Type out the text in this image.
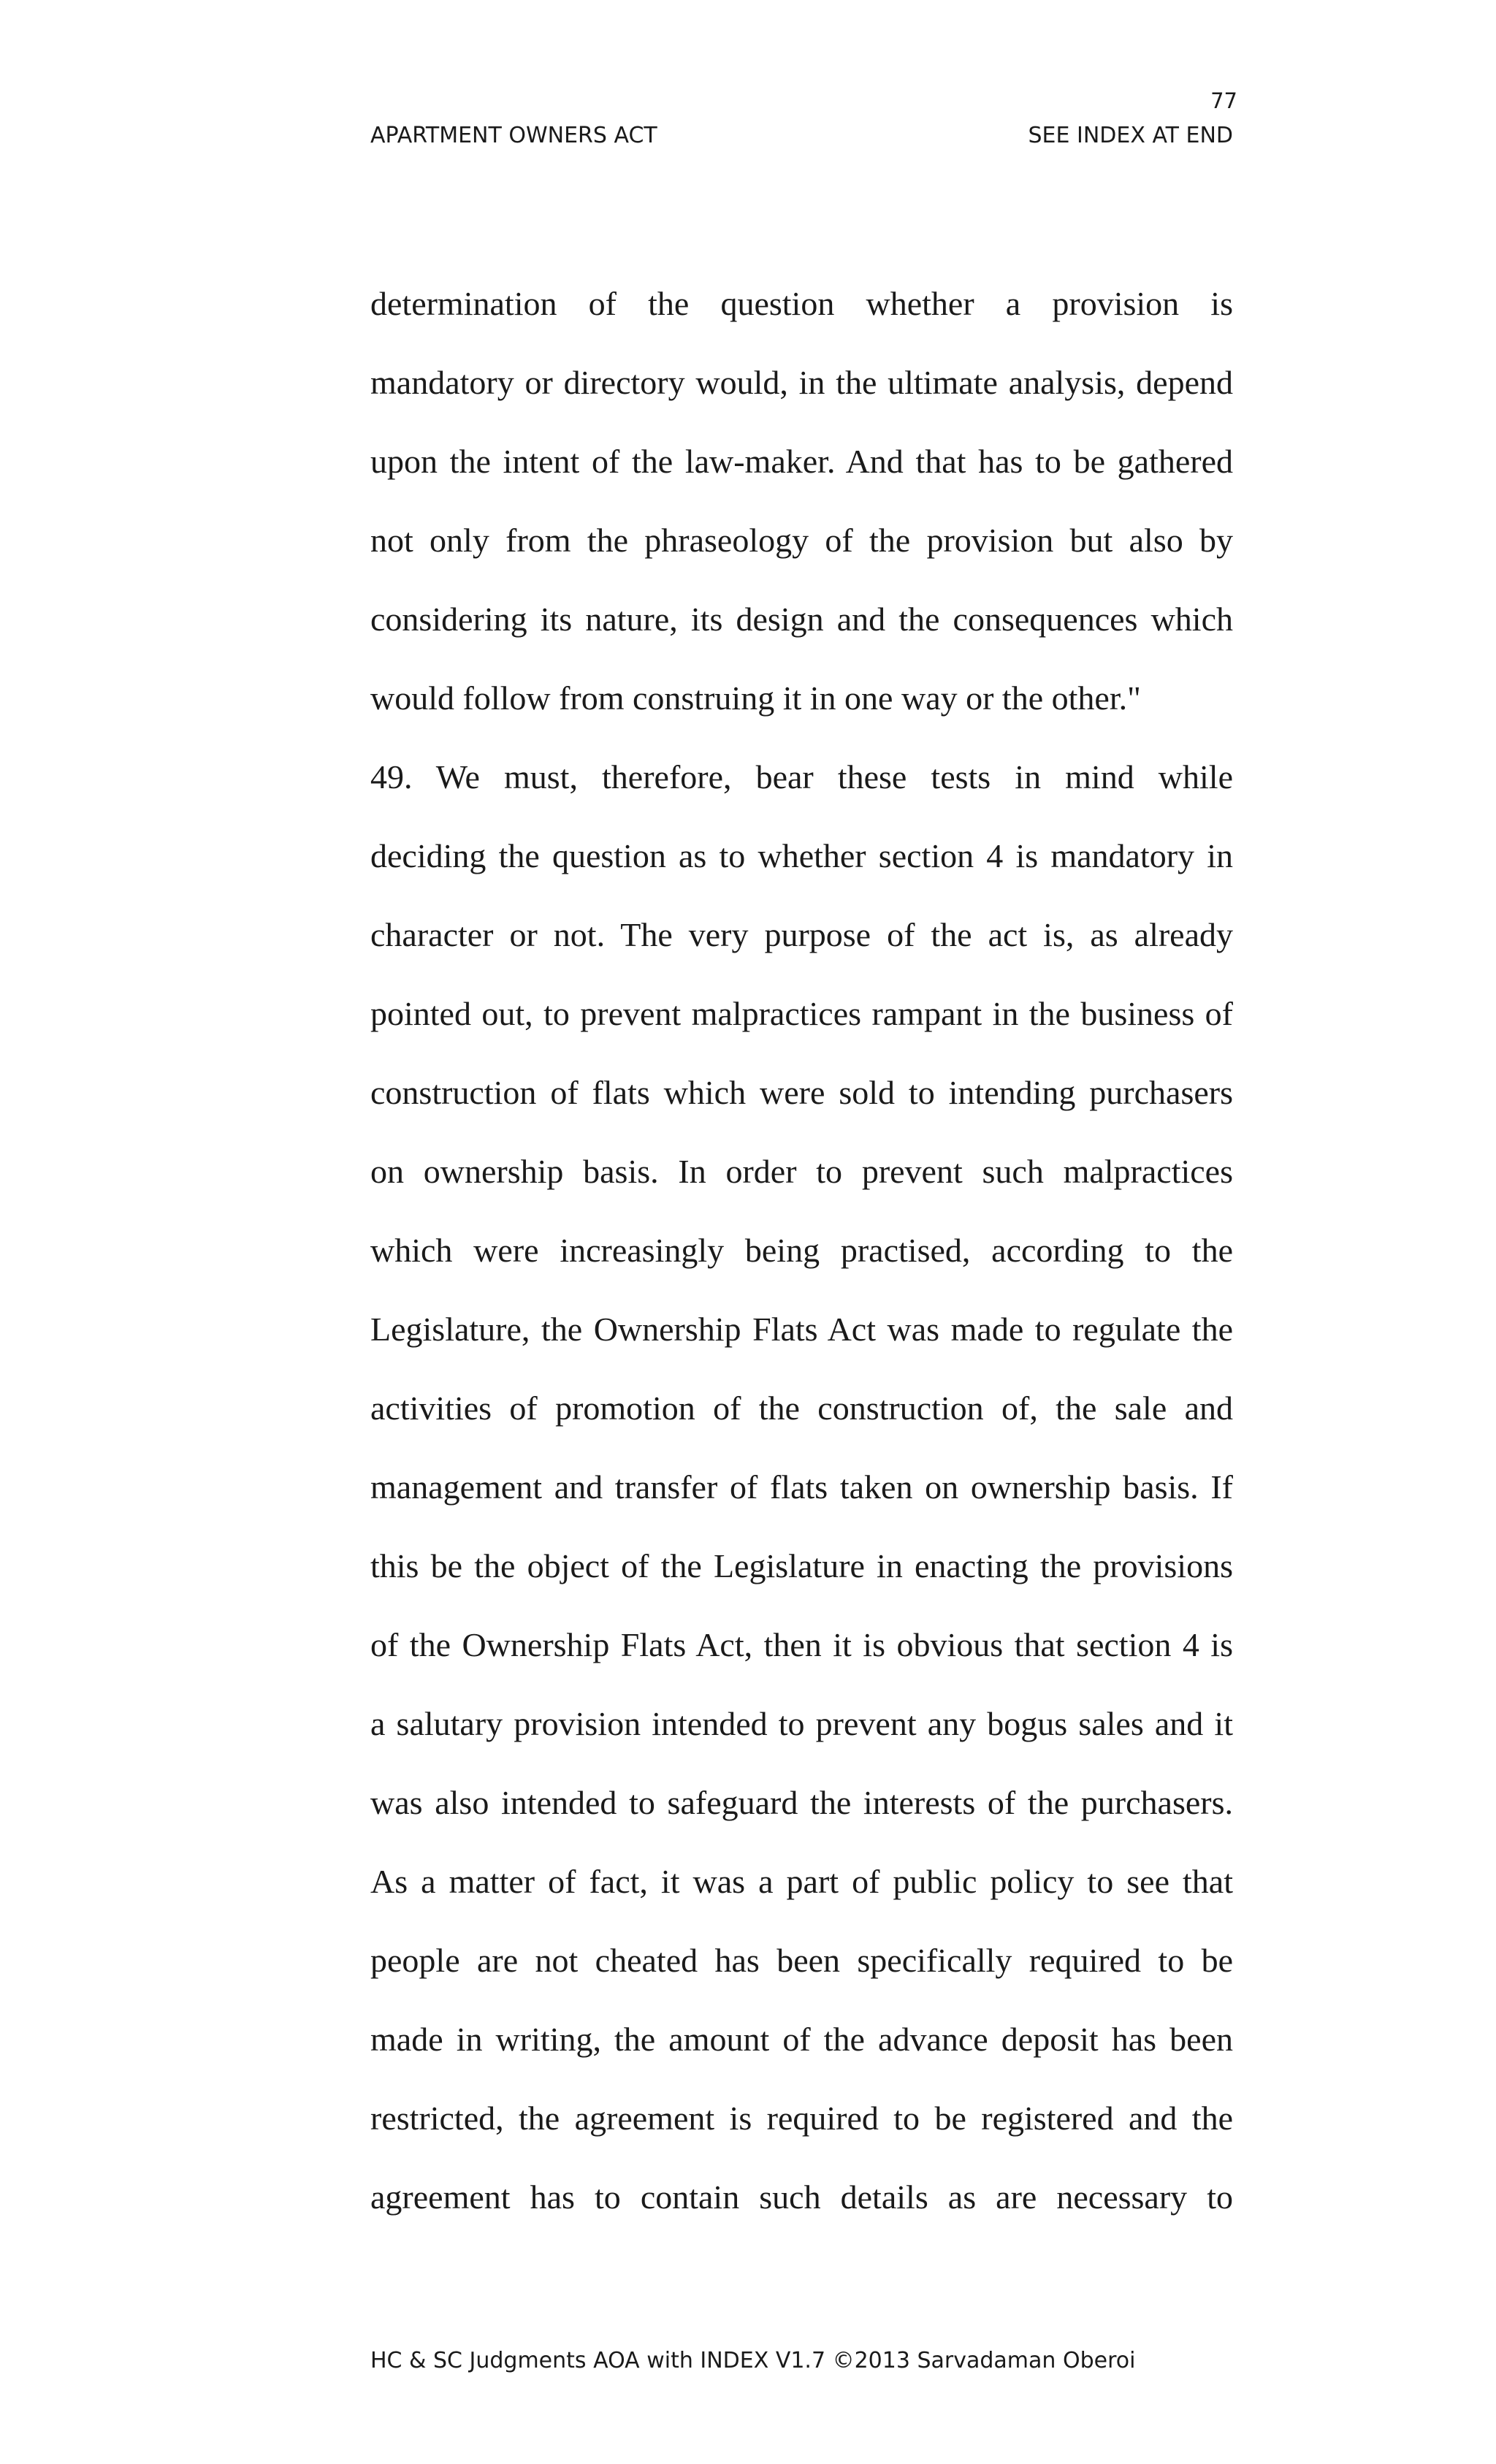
77
APARTMENT OWNERS ACT	SEE INDEX AT END
determination of the question whether a provision is
mandatory or directory would, in the ultimate analysis, depend
upon the intent of the law-maker. And that has to be gathered
not only from the phraseology of the provision but also by
considering its nature, its design and the consequences which
would follow from construing it in one way or the other."
49. We must, therefore, bear these tests in mind while
deciding the question as to whether section 4 is mandatory in
character or not. The very purpose of the act is, as already
pointed out, to prevent malpractices rampant in the business of
construction of flats which were sold to intending purchasers
on ownership basis. In order to prevent such malpractices
which were increasingly being practised, according to the
Legislature, the Ownership Flats Act was made to regulate the
activities of promotion of the construction of, the sale and
management and transfer of flats taken on ownership basis. If
this be the object of the Legislature in enacting the provisions
of the Ownership Flats Act, then it is obvious that section 4 is
a salutary provision intended to prevent any bogus sales and it
was also intended to safeguard the interests of the purchasers.
As a matter of fact, it was a part of public policy to see that
people are not cheated has been specifically required to be
made in writing, the amount of the advance deposit has been
restricted, the agreement is required to be registered and the
agreement has to contain such details as are necessary to
HC & SC Judgments AOA with INDEX V1.7 ©2013 Sarvadaman Oberoi
